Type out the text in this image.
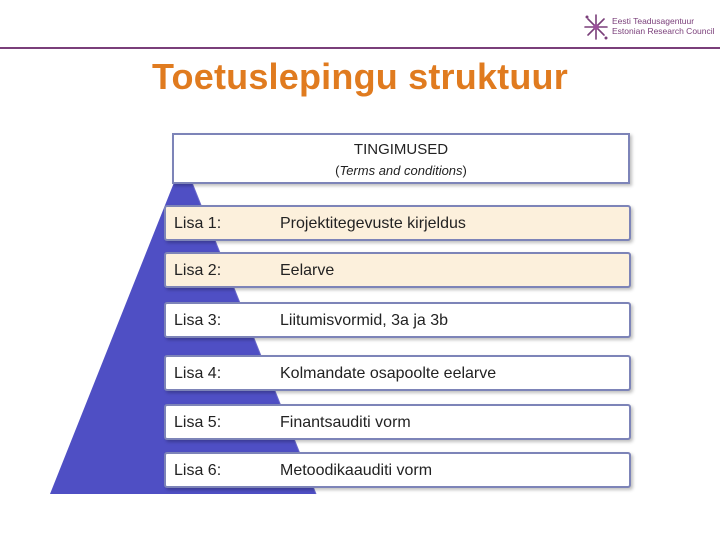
Eesti Teadusagentuur
Estonian Research Council
Toetuslepingu struktuur
TINGIMUSED
(Terms and conditions)
Lisa 1:	Projektitegevuste kirjeldus
Lisa 2:	Eelarve
Lisa 3:	Liitumisvormid, 3a ja 3b
Lisa 4:	Kolmandate osapoolte eelarve
Lisa 5:	Finantsauditi vorm
Lisa 6:	Metoodikaauditi vorm
